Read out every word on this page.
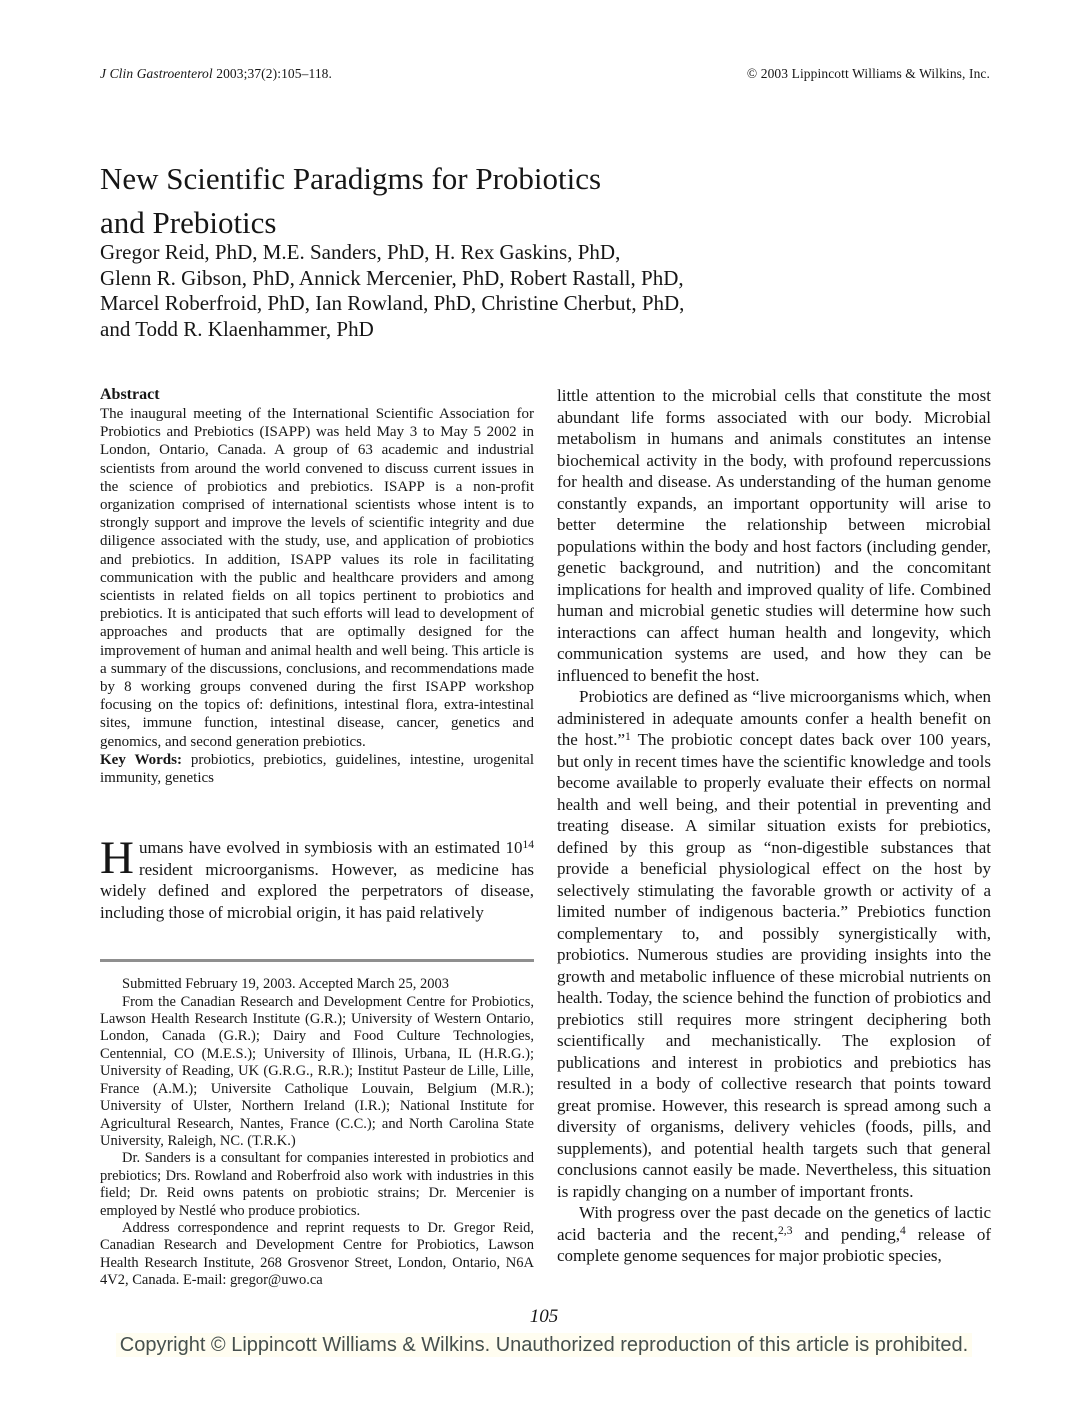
J Clin Gastroenterol 2003;37(2):105–118.	© 2003 Lippincott Williams & Wilkins, Inc.
New Scientific Paradigms for Probiotics
and Prebiotics
Gregor Reid, PhD, M.E. Sanders, PhD, H. Rex Gaskins, PhD,
Glenn R. Gibson, PhD, Annick Mercenier, PhD, Robert Rastall, PhD,
Marcel Roberfroid, PhD, Ian Rowland, PhD, Christine Cherbut, PhD,
and Todd R. Klaenhammer, PhD
Abstract

The inaugural meeting of the International Scientific Association for Probiotics and Prebiotics (ISAPP) was held May 3 to May 5 2002 in London, Ontario, Canada. A group of 63 academic and industrial scientists from around the world convened to discuss current issues in the science of probiotics and prebiotics. ISAPP is a non-profit organization comprised of international scientists whose intent is to strongly support and improve the levels of scientific integrity and due diligence associated with the study, use, and application of probiotics and prebiotics. In addition, ISAPP values its role in facilitating communication with the public and healthcare providers and among scientists in related fields on all topics pertinent to probiotics and prebiotics. It is anticipated that such efforts will lead to development of approaches and products that are optimally designed for the improvement of human and animal health and well being. This article is a summary of the discussions, conclusions, and recommendations made by 8 working groups convened during the first ISAPP workshop focusing on the topics of: definitions, intestinal flora, extra-intestinal sites, immune function, intestinal disease, cancer, genetics and genomics, and second generation prebiotics.
Key Words: probiotics, prebiotics, guidelines, intestine, urogenital immunity, genetics

Humans have evolved in symbiosis with an estimated $10^{14}$ resident microorganisms. However, as medicine has widely defined and explored the perpetrators of disease, including those of microbial origin, it has paid relatively

Submitted February 19, 2003. Accepted March 25, 2003

From the Canadian Research and Development Centre for Probiotics, Lawson Health Research Institute (G.R.); University of Western Ontario, London, Canada (G.R.); Dairy and Food Culture Technologies, Centennial, CO (M.E.S.); University of Illinois, Urbana, IL (H.R.G.); University of Reading, UK (G.R.G., R.R.); Institut Pasteur de Lille, Lille, France (A.M.); Universite Catholique Louvain, Belgium (M.R.); University of Ulster, Northern Ireland (I.R.); National Institute for Agricultural Research, Nantes, France (C.C.); and North Carolina State University, Raleigh, NC. (T.R.K.)

Dr. Sanders is a consultant for companies interested in probiotics and prebiotics; Drs. Rowland and Roberfroid also work with industries in this field; Dr. Reid owns patents on probiotic strains; Dr. Mercenier is employed by Nestlé who produce probiotics.

Address correspondence and reprint requests to Dr. Gregor Reid, Canadian Research and Development Centre for Probiotics, Lawson Health Research Institute, 268 Grosvenor Street, London, Ontario, N6A 4V2, Canada. E-mail: gregor@uwo.ca

little attention to the microbial cells that constitute the most abundant life forms associated with our body. Microbial metabolism in humans and animals constitutes an intense biochemical activity in the body, with profound repercussions for health and disease. As understanding of the human genome constantly expands, an important opportunity will arise to better determine the relationship between microbial populations within the body and host factors (including gender, genetic background, and nutrition) and the concomitant implications for health and improved quality of life. Combined human and microbial genetic studies will determine how such interactions can affect human health and longevity, which communication systems are used, and how they can be influenced to benefit the host.

Probiotics are defined as “live microorganisms which, when administered in adequate amounts confer a health benefit on the host.”$^1$ The probiotic concept dates back over 100 years, but only in recent times have the scientific knowledge and tools become available to properly evaluate their effects on normal health and well being, and their potential in preventing and treating disease. A similar situation exists for prebiotics, defined by this group as “non-digestible substances that provide a beneficial physiological effect on the host by selectively stimulating the favorable growth or activity of a limited number of indigenous bacteria.” Prebiotics function complementary to, and possibly synergistically with, probiotics. Numerous studies are providing insights into the growth and metabolic influence of these microbial nutrients on health. Today, the science behind the function of probiotics and prebiotics still requires more stringent deciphering both scientifically and mechanistically. The explosion of publications and interest in probiotics and prebiotics has resulted in a body of collective research that points toward great promise. However, this research is spread among such a diversity of organisms, delivery vehicles (foods, pills, and supplements), and potential health targets such that general conclusions cannot easily be made. Nevertheless, this situation is rapidly changing on a number of important fronts.

With progress over the past decade on the genetics of lactic acid bacteria and the recent,$^{2,3}$ and pending,$^4$ release of complete genome sequences for major probiotic species,

105
Copyright © Lippincott Williams & Wilkins. Unauthorized reproduction of this article is prohibited.
